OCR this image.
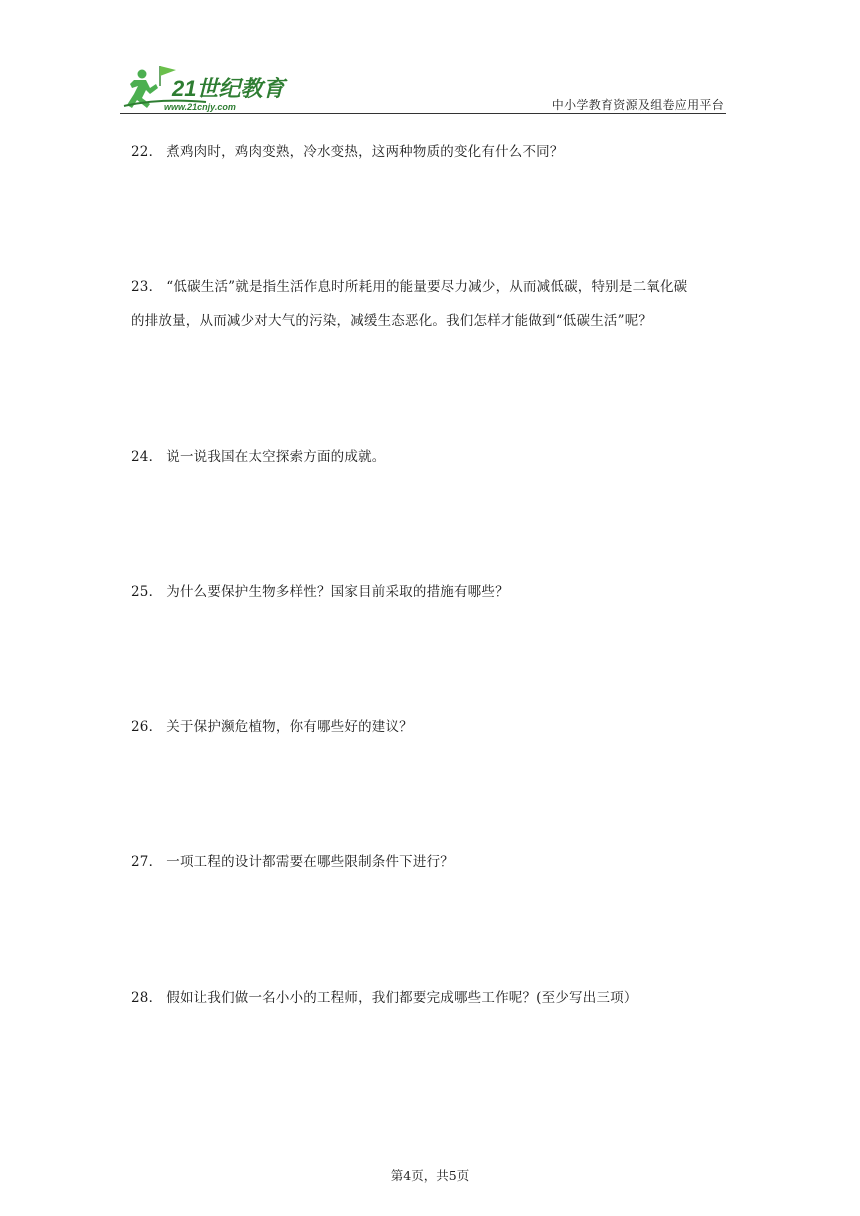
21世纪教育
www.21cnjy.com	中小学教育资源及组卷应用平台
22． 煮鸡肉时，鸡肉变熟，冷水变热，这两种物质的变化有什么不同？
23． “低碳生活”就是指生活作息时所耗用的能量要尽力减少，从而减低碳，特别是二氧化碳
的排放量，从而减少对大气的污染，减缓生态恶化。我们怎样才能做到“低碳生活”呢？
24． 说一说我国在太空探索方面的成就。
25． 为什么要保护生物多样性？国家目前采取的措施有哪些？
26． 关于保护濒危植物，你有哪些好的建议？
27． 一项工程的设计都需要在哪些限制条件下进行？
28． 假如让我们做一名小小的工程师，我们都要完成哪些工作呢？(至少写出三项）
第4页，共5页
